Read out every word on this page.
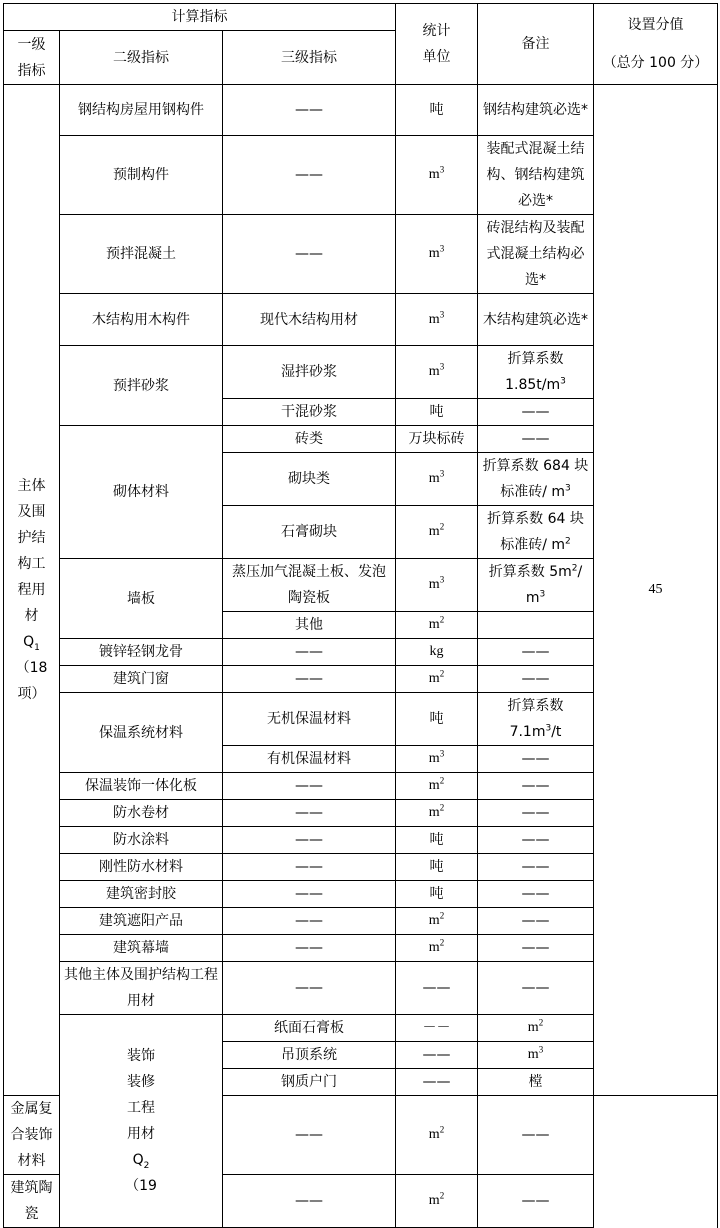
计算指标			统计单位	备注	设置分值
（总分 100 分）	

一级指标	二级指标	三级指标				

主体及围护结构工程用材 $Q_1(18$项）	钢结构房屋用钢构件	——	吨	钢结构建筑必选*	45	
	预制构件	——	$m^3$	装配式混凝土结构、钢结构建筑必选*		
	预拌混凝土	——	$m^3$	砖混结构及装配式混凝土结构必选*		
	木结构用木构件	现代木结构用材	$m^3$	木结构建筑必选*		
	预拌砂浆	湿拌砂浆	$m^3$	折算系数 $1.85t/m^3$
		干混砂浆	吨	——		
	砌体材料	砖类	万块标砖	——		
		砌块类	$m^3$	折算系数 684 块标准砖/ $m^3$
		石膏砌块	$m^2$	折算系数 64 块标准砖/ $m^2$
	墙板	蒸压加气混凝土板、发泡陶瓷板	$m^3$	折算系数 $5m^2/$ $m^3$
		其他	$m^2$	
	镀锌轻钢龙骨	——	kg	——		
	建筑门窗	——	$m^2$	——		
	保温系统材料	无机保温材料	吨	折算系数 $7.1m^3/t$		
		有机保温材料	$m^3$	——		
	保温装饰一体化板	——	$m^2$	——		
	防水卷材	——	$m^2$	——		
	防水涂料	——	吨	——		
	刚性防水材料	——	吨	——		
	建筑密封胶	——	吨	——		
	建筑遮阳产品	——	$m^2$	——		
	建筑幕墙	——	$m^2$	——		
	其他主体及围护结构工程用材	——	——	——		

	装饰装修工程用材 $Q_2(19$	纸面石膏板	－－	$m^2$		
		吊顶系统	——	$m^3$	
		钢质户门	——	樘	
金属复合装饰材料		——	$m^2$	——		
建筑陶瓷		——	$m^2$	——		
